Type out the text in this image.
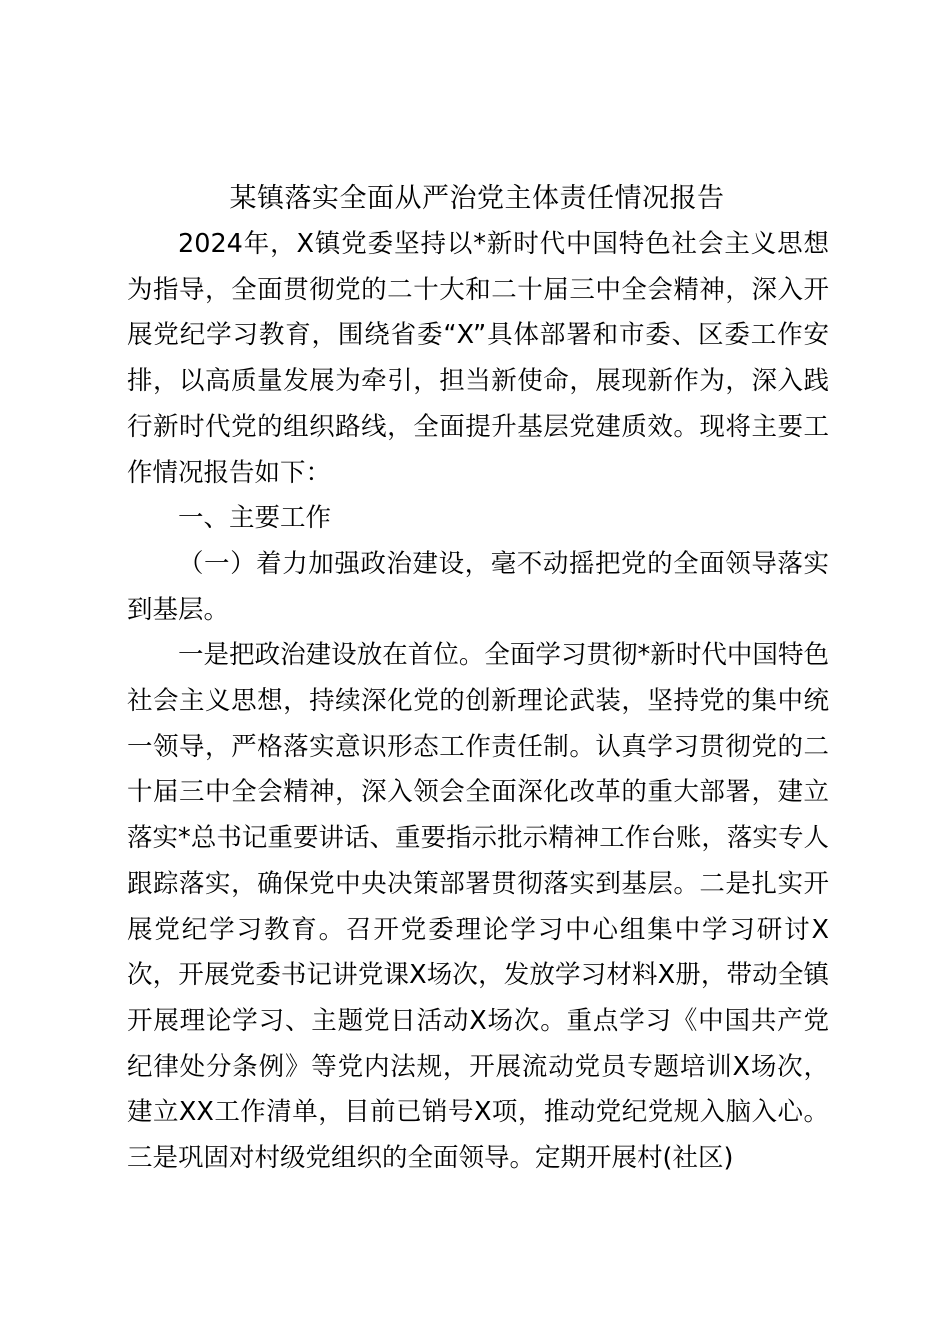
某镇落实全面从严治党主体责任情况报告

2024年，X镇党委坚持以*新时代中国特色社会主义思想为指导，全面贯彻党的二十大和二十届三中全会精神，深入开展党纪学习教育，围绕省委“X”具体部署和市委、区委工作安排，以高质量发展为牵引，担当新使命，展现新作为，深入践行新时代党的组织路线，全面提升基层党建质效。现将主要工作情况报告如下：

一、主要工作

（一）着力加强政治建设，毫不动摇把党的全面领导落实到基层。

一是把政治建设放在首位。全面学习贯彻*新时代中国特色社会主义思想，持续深化党的创新理论武装，坚持党的集中统一领导，严格落实意识形态工作责任制。认真学习贯彻党的二十届三中全会精神，深入领会全面深化改革的重大部署，建立落实*总书记重要讲话、重要指示批示精神工作台账，落实专人跟踪落实，确保党中央决策部署贯彻落实到基层。二是扎实开展党纪学习教育。召开党委理论学习中心组集中学习研讨X次，开展党委书记讲党课X场次，发放学习材料X册，带动全镇开展理论学习、主题党日活动X场次。重点学习《中国共产党纪律处分条例》等党内法规，开展流动党员专题培训X场次，建立XX工作清单，目前已销号X项，推动党纪党规入脑入心。三是巩固对村级党组织的全面领导。定期开展村(社区)
